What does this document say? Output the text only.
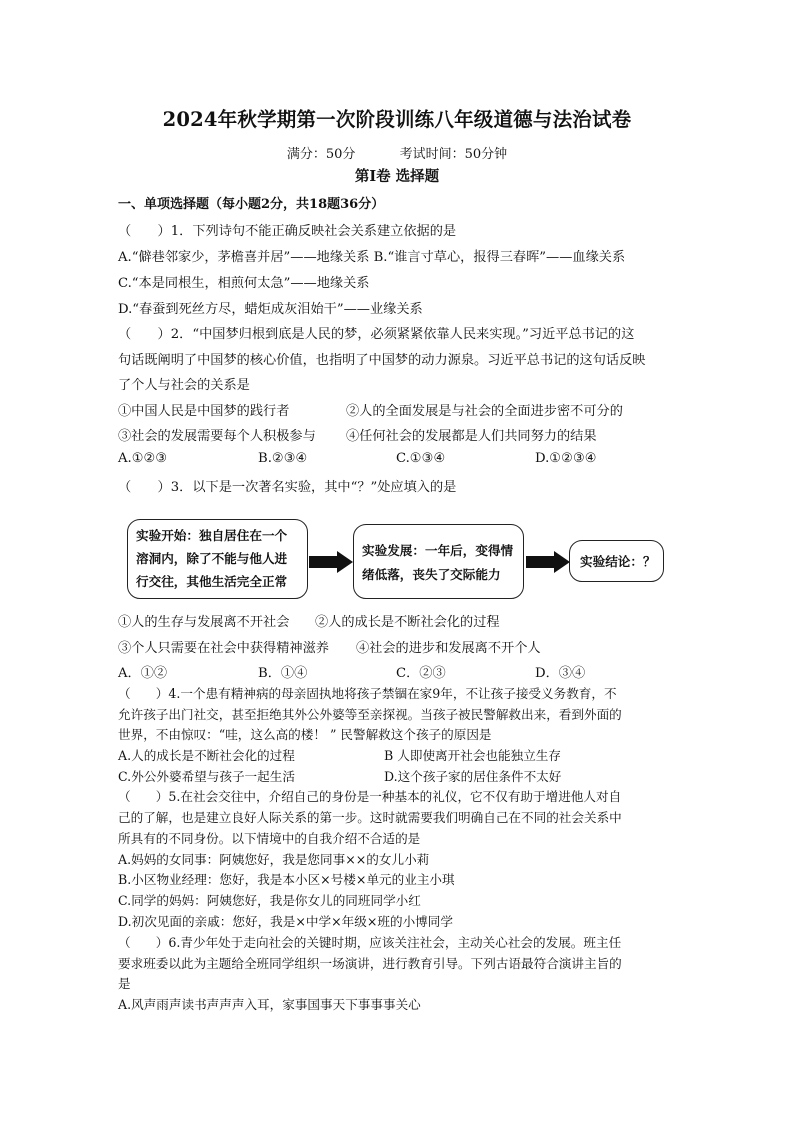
2024年秋学期第一次阶段训练八年级道德与法治试卷
满分：50分	考试时间：50分钟
第Ⅰ卷 选择题
一、单项选择题（每小题2分，共18题36分）
（　　）1．下列诗句不能正确反映社会关系建立依据的是
A.“僻巷邻家少，茅檐喜并居”——地缘关系 B.“谁言寸草心，报得三春晖”——血缘关系
C.“本是同根生，相煎何太急”——地缘关系
D.“春蚕到死丝方尽，蜡炬成灰泪始干”——业缘关系
（　　）2．“中国梦归根到底是人民的梦，必须紧紧依靠人民来实现。”习近平总书记的这
句话既阐明了中国梦的核心价值，也指明了中国梦的动力源泉。习近平总书记的这句话反映
了个人与社会的关系是
①中国人民是中国梦的践行者	②人的全面发展是与社会的全面进步密不可分的
③社会的发展需要每个人积极参与 ④任何社会的发展都是人们共同努力的结果
A.①②③	B.②③④	C.①③④	D.①②③④
（　　）3．以下是一次著名实验，其中“？”处应填入的是
实验开始：独自居住在一个
溶洞内，除了不能与他人进
行交往，其他生活完全正常
实验发展：一年后，变得情
绪低落，丧失了交际能力
实验结论：？
①人的生存与发展离不开社会 ②人的成长是不断社会化的过程
③个人只需要在社会中获得精神滋养 ④社会的进步和发展离不开个人
A．①②	B．①④	C．②③	D．③④
（　　）4.一个患有精神病的母亲固执地将孩子禁锢在家9年，不让孩子接受义务教育，不
允许孩子出门社交，甚至拒绝其外公外婆等至亲探视。当孩子被民警解救出来，看到外面的
世界，不由惊叹：“哇，这么高的楼！ ” 民警解救这个孩子的原因是
A.人的成长是不断社会化的过程	B 人即使离开社会也能独立生存
C.外公外婆希望与孩子一起生活	D.这个孩子家的居住条件不太好
（　　）5.在社会交往中，介绍自己的身份是一种基本的礼仪，它不仅有助于增进他人对自
己的了解，也是建立良好人际关系的第一步。这时就需要我们明确自己在不同的社会关系中
所具有的不同身份。以下情境中的自我介绍不合适的是
A.妈妈的女同事：阿姨您好，我是您同事××的女儿小莉
B.小区物业经理：您好，我是本小区×号楼×单元的业主小琪
C.同学的妈妈：阿姨您好，我是你女儿的同班同学小红
D.初次见面的亲戚：您好，我是×中学×年级×班的小博同学
（　　）6.青少年处于走向社会的关键时期，应该关注社会，主动关心社会的发展。班主任
要求班委以此为主题给全班同学组织一场演讲，进行教育引导。下列古语最符合演讲主旨的
是
A.风声雨声读书声声声入耳，家事国事天下事事事关心
